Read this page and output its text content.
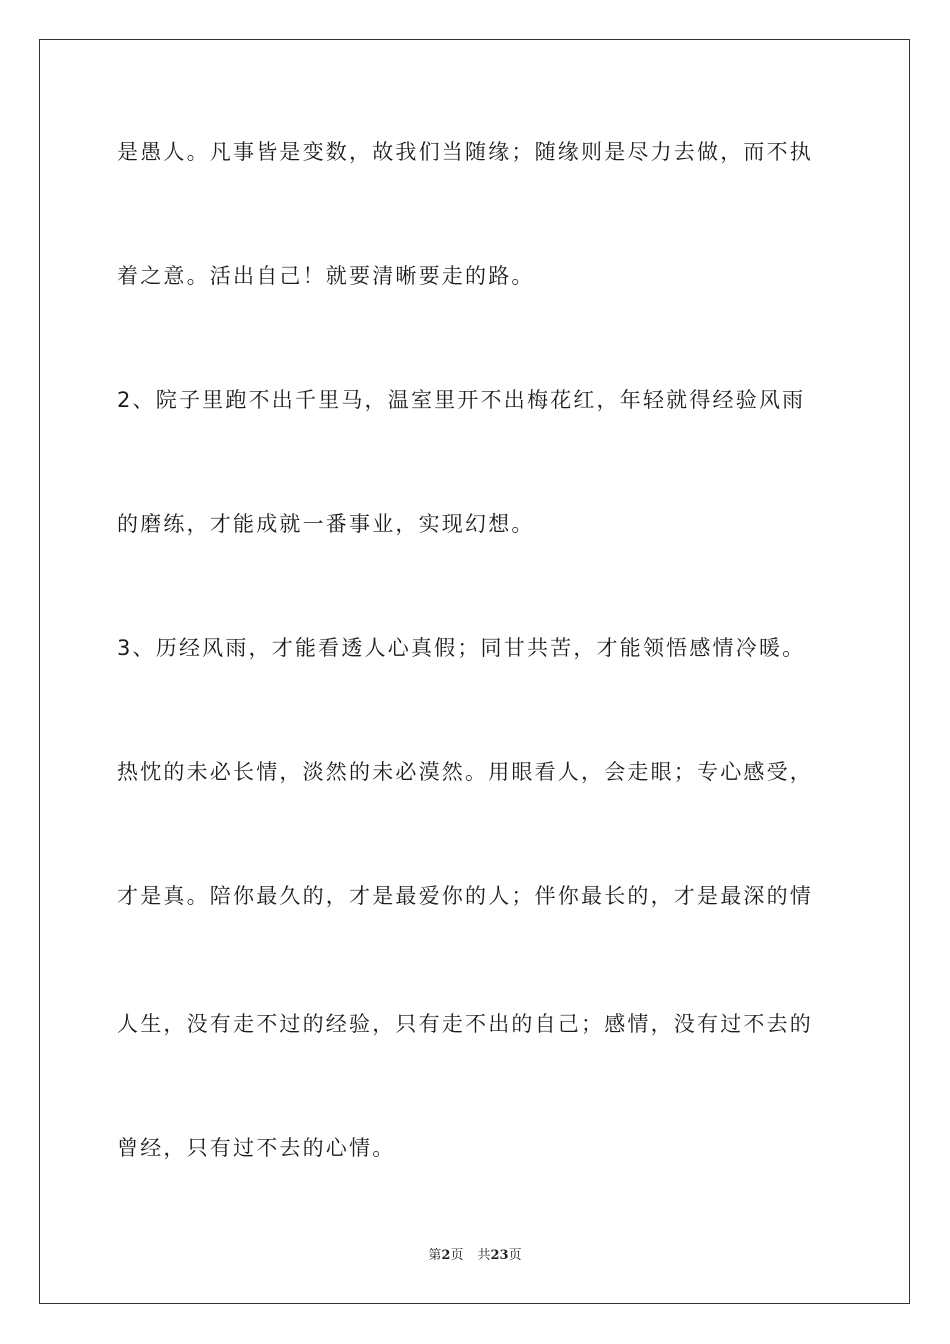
是愚人。凡事皆是变数，故我们当随缘；随缘则是尽力去做，而不执
着之意。活出自己！就要清晰要走的路。
2、院子里跑不出千里马，温室里开不出梅花红，年轻就得经验风雨
的磨练，才能成就一番事业，实现幻想。
3、历经风雨，才能看透人心真假；同甘共苦，才能领悟感情冷暖。
热忱的未必长情，淡然的未必漠然。用眼看人，会走眼；专心感受，
才是真。陪你最久的，才是最爱你的人；伴你最长的，才是最深的情
人生，没有走不过的经验，只有走不出的自己；感情，没有过不去的
曾经，只有过不去的心情。
第2页 共23页
